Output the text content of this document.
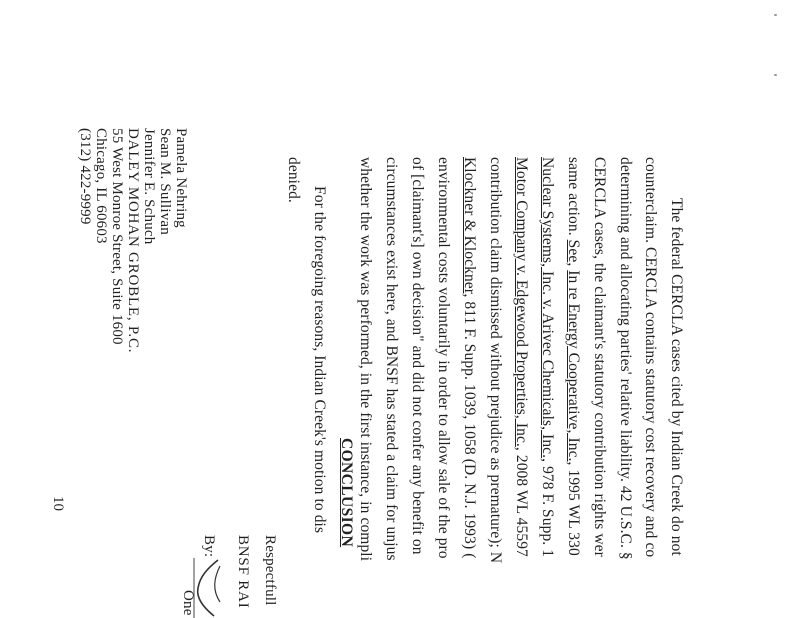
The federal CERCLA cases cited by Indian Creek do not
counterclaim. CERCLA contains statutory cost recovery and co
determining and allocating parties' relative liability. 42 U.S.C. §
CERCLA cases, the claimant's statutory contribution rights wer
same action. See, In re Energy Cooperative, Inc., 1995 WL 330
Nuclear Systems, Inc. v. Arivec Chemicals, Inc., 978 F. Supp. 1
Motor Company v. Edgewood Properties, Inc., 2008 WL 45597
contribution claim dismissed without prejudice as premature); N
Klockner & Klockner, 811 F. Supp. 1039, 1058 (D. N.J. 1993) (
environmental costs voluntarily in order to allow sale of the pro
of [claimant's] own decision" and did not confer any benefit on
circumstances exist here, and BNSF has stated a claim for unjus
whether the work was performed, in the first instance, in compli
CONCLUSION
For the foregoing reasons, Indian Creek's motion to dis
denied.
Respectfull
BNSF RAI
By:
One
Pamela Nehring
Sean M. Sullivan
Jennifer E. Schuch
DALEY MOHAN GROBLE, P.C.
55 West Monroe Street, Suite 1600
Chicago, IL 60603
(312) 422-9999
10
